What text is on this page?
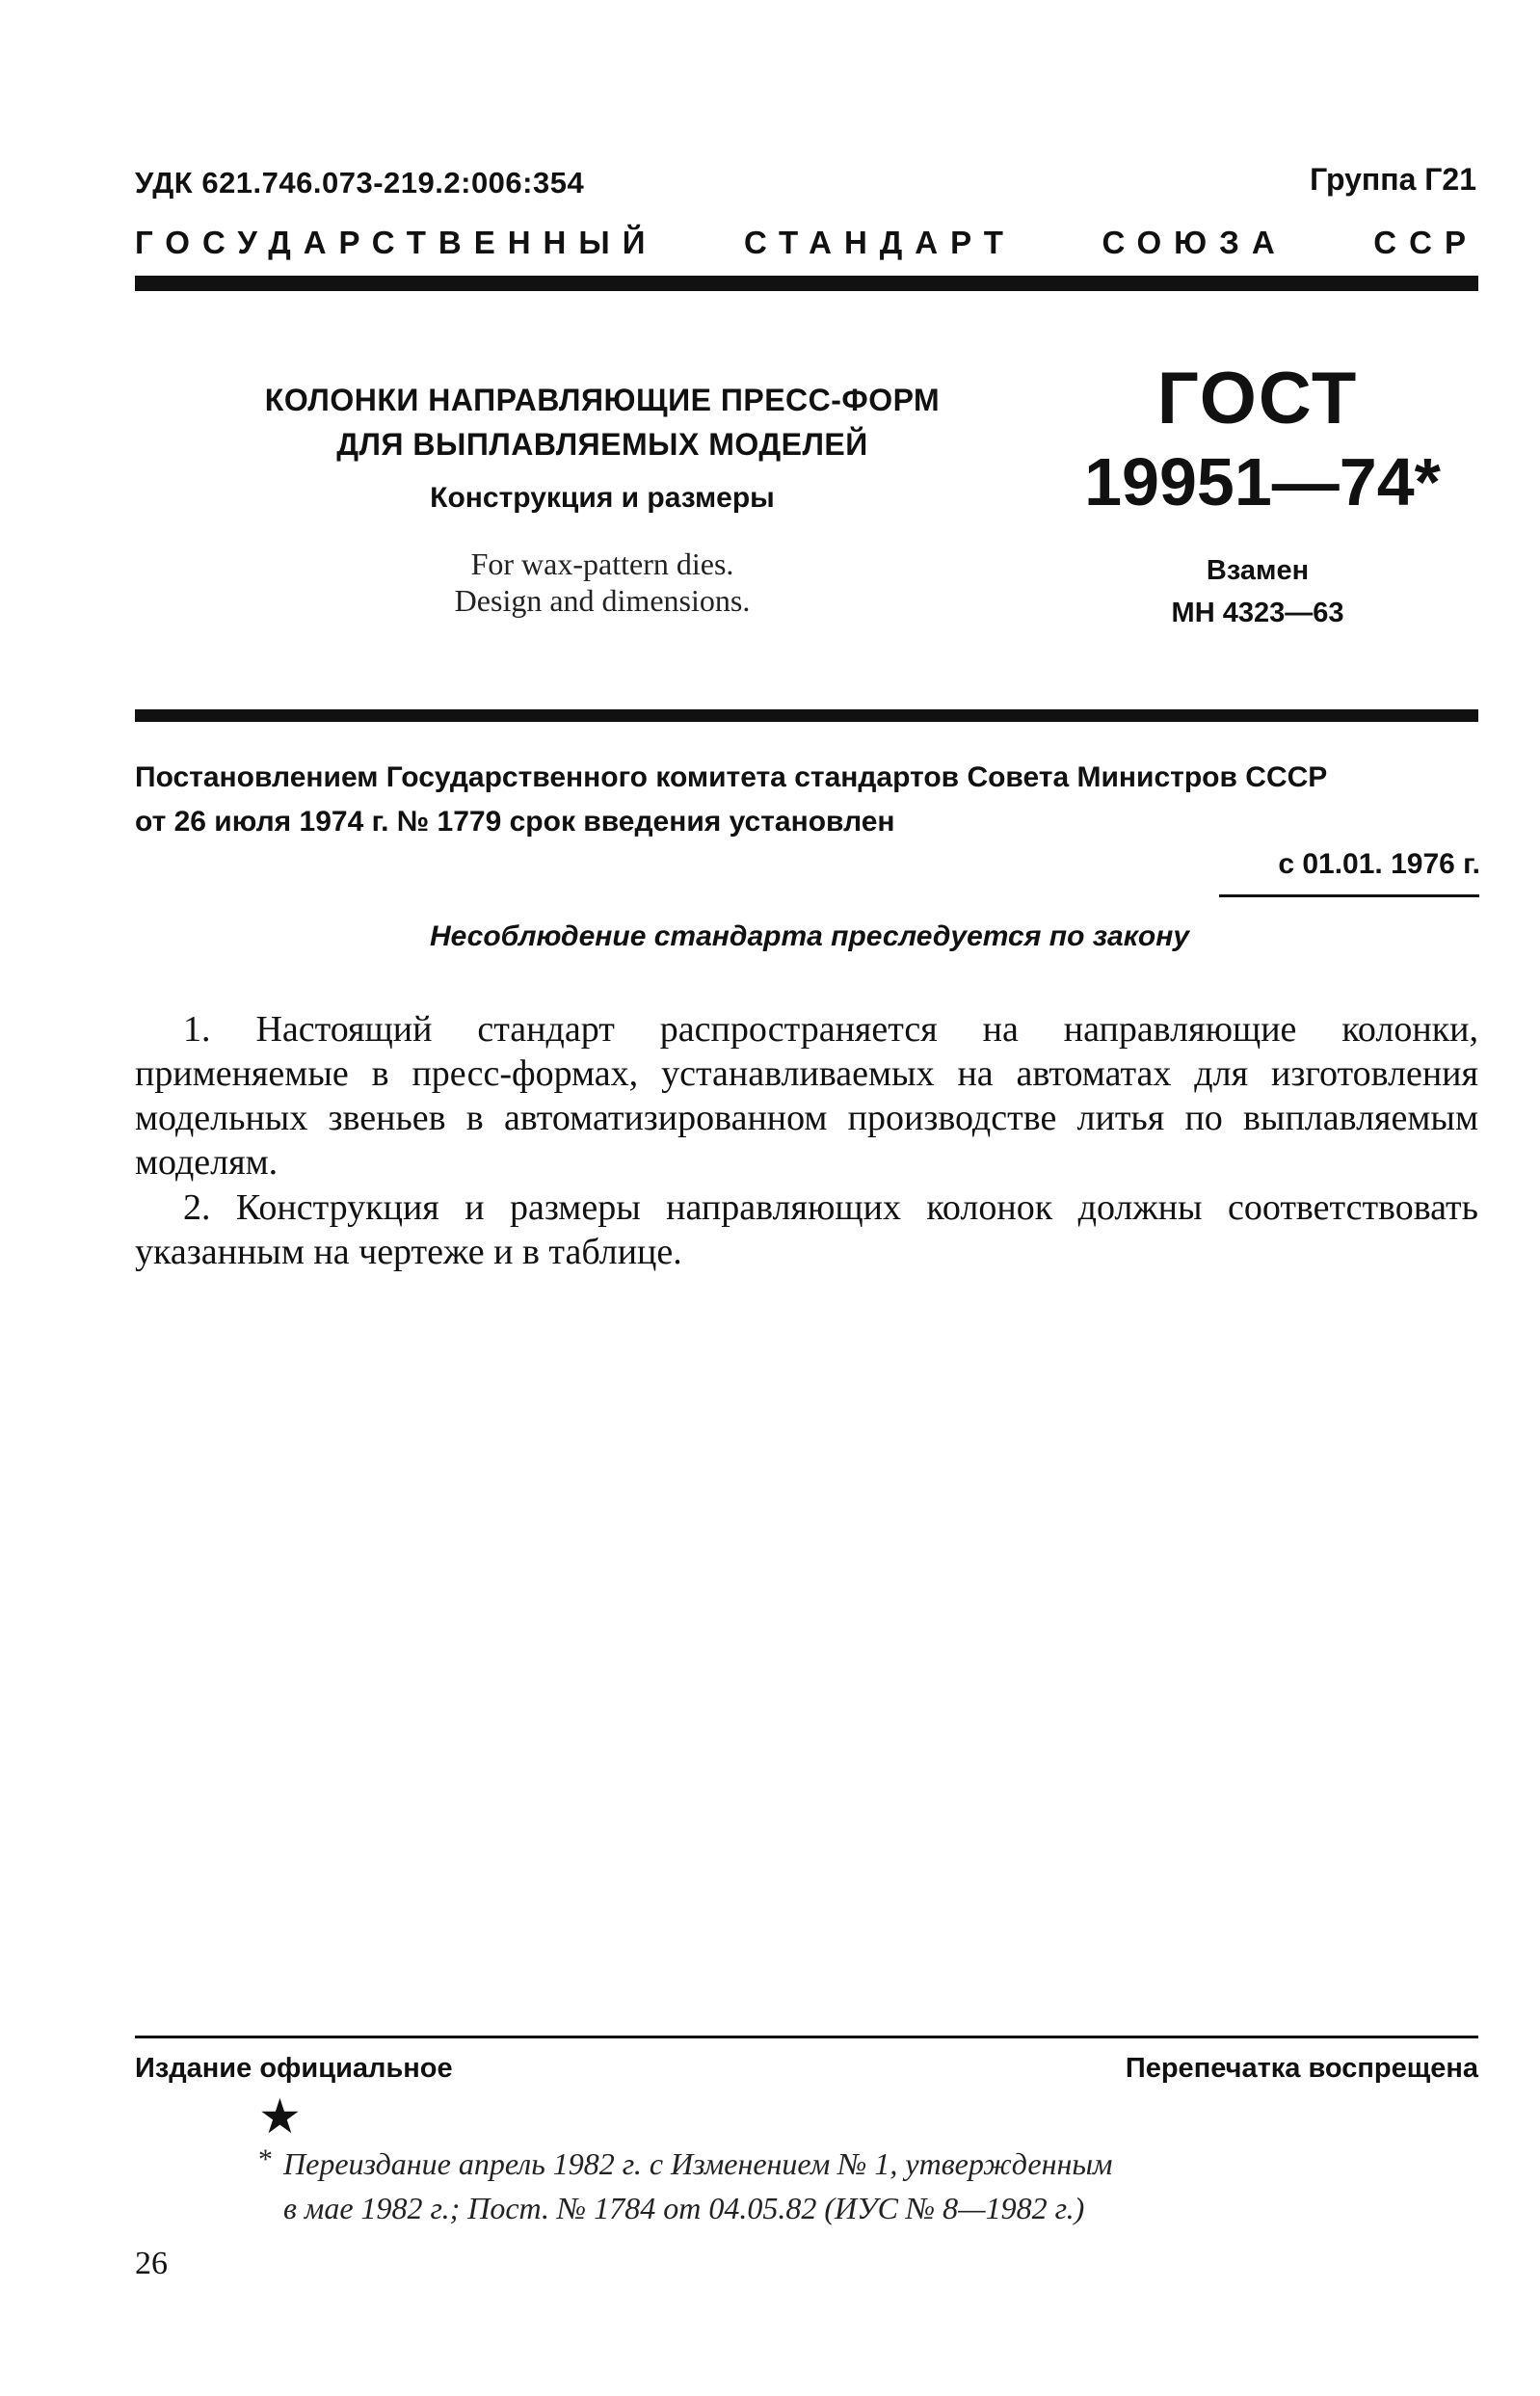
УДК 621.746.073-219.2:006:354	Группа Г21
ГОСУДАРСТВЕННЫЙ	СТАНДАРТ	СОЮЗА	ССР
КОЛОНКИ НАПРАВЛЯЮЩИЕ ПРЕСС-ФОРМ
ДЛЯ ВЫПЛАВЛЯЕМЫХ МОДЕЛЕЙ
Конструкция и размеры
For wax-pattern dies.
Design and dimensions.
ГОСТ
19951—74*
Взамен
МН 4323—63
Постановлением Государственного комитета стандартов Совета Министров СССР
от 26 июля 1974 г. № 1779 срок введения установлен
с 01.01. 1976 г.
Несоблюдение стандарта преследуется по закону
1. Настоящий стандарт распространяется на направляющие колонки, применяемые в пресс-формах, устанавливаемых на автоматах для изготовления модельных звеньев в автоматизированном производстве литья по выплавляемым моделям.
2. Конструкция и размеры направляющих колонок должны соответствовать указанным на чертеже и в таблице.
Издание официальное	Перепечатка воспрещена
★
* Переиздание апрель 1982 г. с Изменением № 1, утвержденным
в мае 1982 г.; Пост. № 1784 от 04.05.82 (ИУС № 8—1982 г.)
26
